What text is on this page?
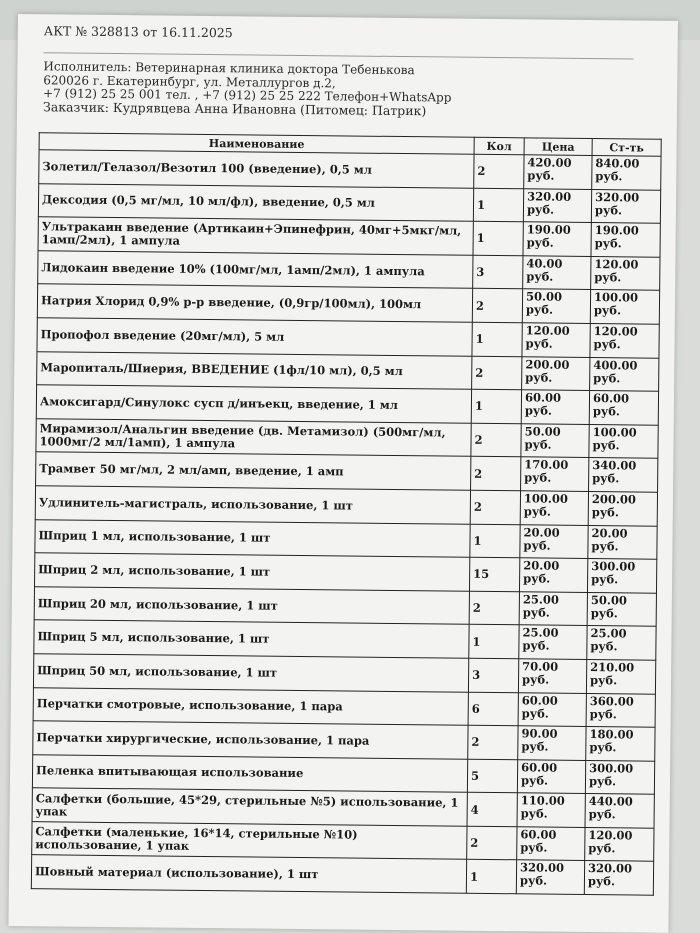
АКТ № 328813 от 16.11.2025
Исполнитель: Ветеринарная клиника доктора Тебенькова
620026 г. Екатеринбург, ул. Металлургов д.2,
+7 (912) 25 25 001 тел. , +7 (912) 25 25 222 Телефон+WhatsApp
Заказчик: Кудрявцева Анна Ивановна (Питомец: Патрик)
Наименование	Кол	Цена	Ст-ть
Золетил/Телазол/Везотил 100 (введение), 0,5 мл	2	420.00 руб.	840.00 руб.
Дексодия (0,5 мг/мл, 10 мл/фл), введение, 0,5 мл	1	320.00 руб.	320.00 руб.
Ультракаин введение (Артикаин+Эпинефрин, 40мг+5мкг/мл, 1амп/2мл), 1 ампула	1	190.00 руб.	190.00 руб.
Лидокаин введение 10% (100мг/мл, 1амп/2мл), 1 ампула	3	40.00 руб.	120.00 руб.
Натрия Хлорид 0,9% р-р введение, (0,9гр/100мл), 100мл	2	50.00 руб.	100.00 руб.
Пропофол введение (20мг/мл), 5 мл	1	120.00 руб.	120.00 руб.
Маропиталь/Шиерия, ВВЕДЕНИЕ (1фл/10 мл), 0,5 мл	2	200.00 руб.	400.00 руб.
Амоксигард/Синулокс сусп д/инъекц, введение, 1 мл	1	60.00 руб.	60.00 руб.
Мирамизол/Анальгин введение (дв. Метамизол) (500мг/мл, 1000мг/2 мл/1амп), 1 ампула	2	50.00 руб.	100.00 руб.
Трамвет 50 мг/мл, 2 мл/амп, введение, 1 амп	2	170.00 руб.	340.00 руб.
Удлинитель-магистраль, использование, 1 шт	2	100.00 руб.	200.00 руб.
Шприц 1 мл, использование, 1 шт	1	20.00 руб.	20.00 руб.
Шприц 2 мл, использование, 1 шт	15	20.00 руб.	300.00 руб.
Шприц 20 мл, использование, 1 шт	2	25.00 руб.	50.00 руб.
Шприц 5 мл, использование, 1 шт	1	25.00 руб.	25.00 руб.
Шприц 50 мл, использование, 1 шт	3	70.00 руб.	210.00 руб.
Перчатки смотровые, использование, 1 пара	6	60.00 руб.	360.00 руб.
Перчатки хирургические, использование, 1 пара	2	90.00 руб.	180.00 руб.
Пеленка впитывающая использование	5	60.00 руб.	300.00 руб.
Салфетки (большие, 45*29, стерильные №5) использование, 1 упак	4	110.00 руб.	440.00 руб.
Салфетки (маленькие, 16*14, стерильные №10) использование, 1 упак	2	60.00 руб.	120.00 руб.
Шовный материал (использование), 1 шт	1	320.00 руб.	320.00 руб.
